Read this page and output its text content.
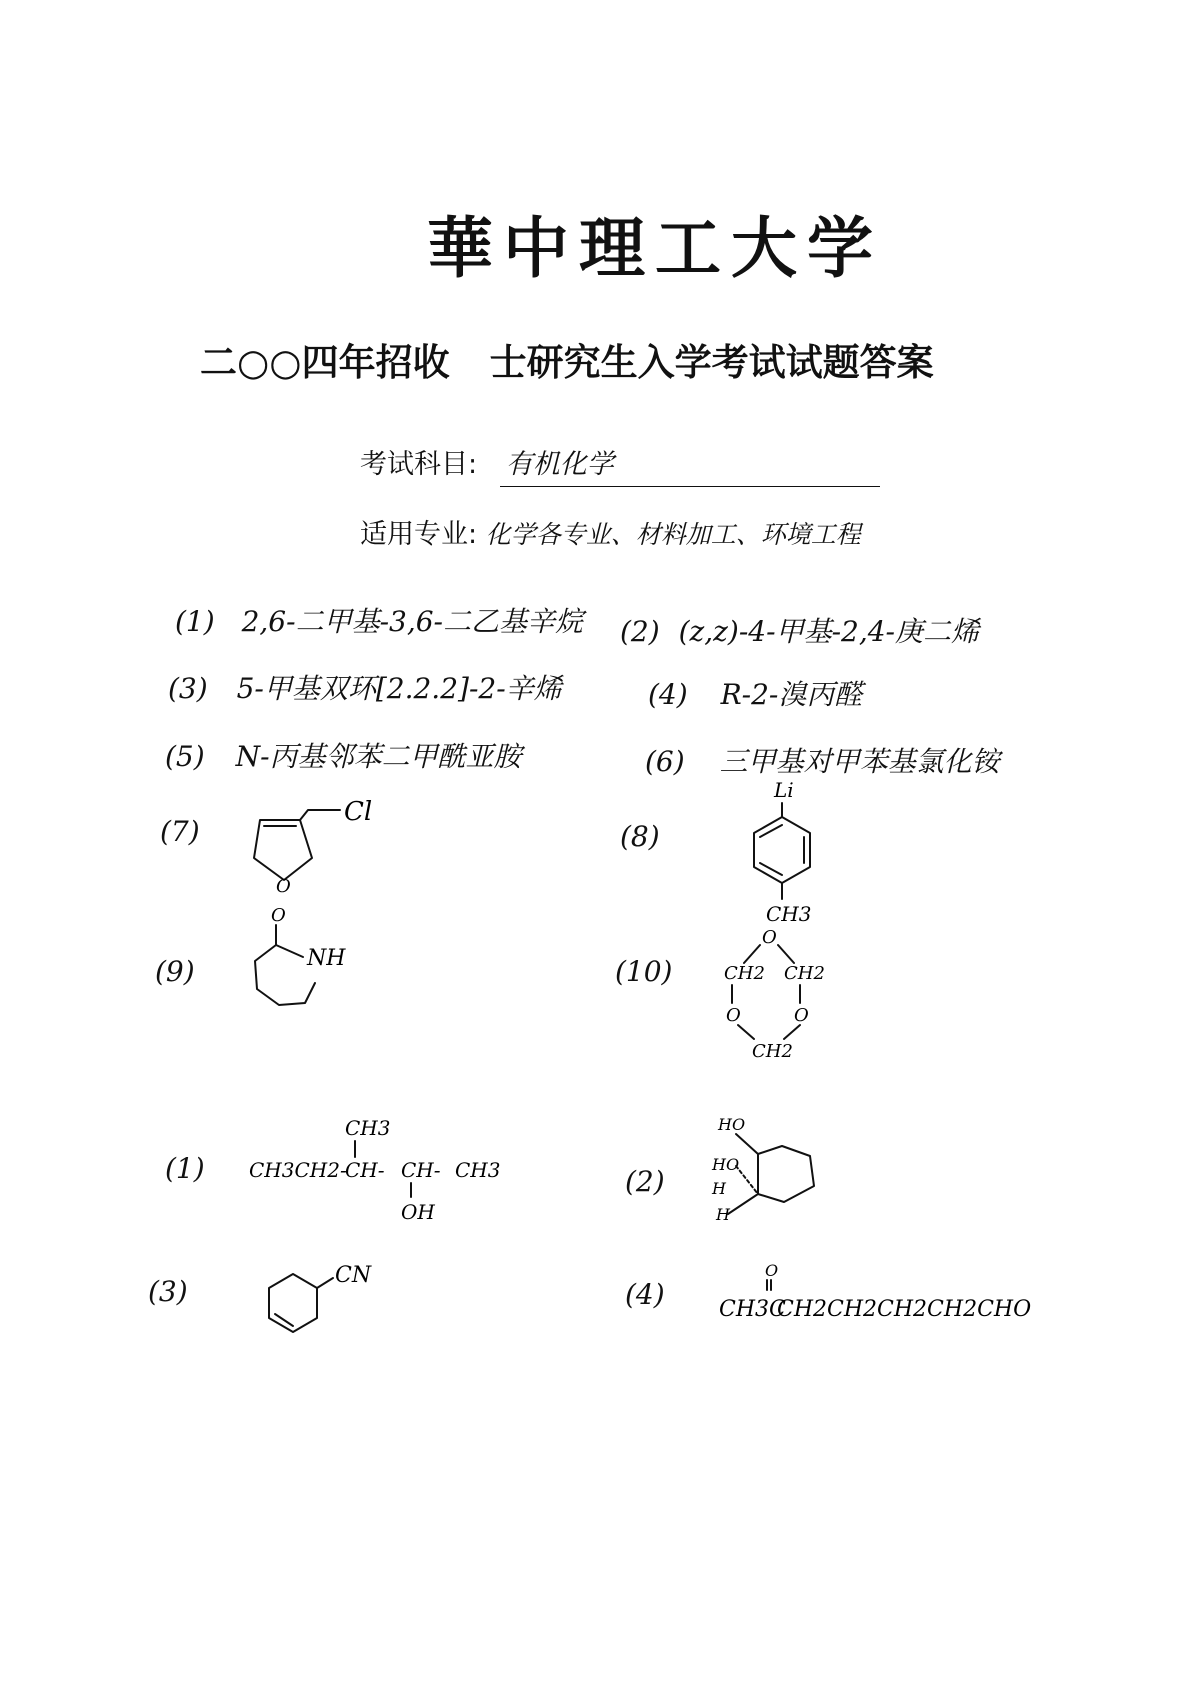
華中理工大学
二○○四年招收 士研究生入学考试试题答案
考试科目: 有机化学
适用专业: 化学各专业、材料加工、环境工程
(1) 2,6-二甲基-3,6-二乙基辛烷 (2) (z,z)-4-甲基-2,4-庚二烯
(3) 5-甲基双环[2.2.2]-2-辛烯	(4) R-2-溴丙醛
(5) N-丙基邻苯二甲酰亚胺	(6) 三甲基对甲苯基氯化铵
(7)
Cl
O
(8)
Li
CH3
(9)
O
NH	(10)
O
CH2 CH2
O	O
CH2
(1)
CH3
CH3CH2-
CH- CH- CH3
OH
(2)
HO
HO
H
H
(3)	CN
(4)
O
CH3C
CH2CH2CH2CH2CHO
